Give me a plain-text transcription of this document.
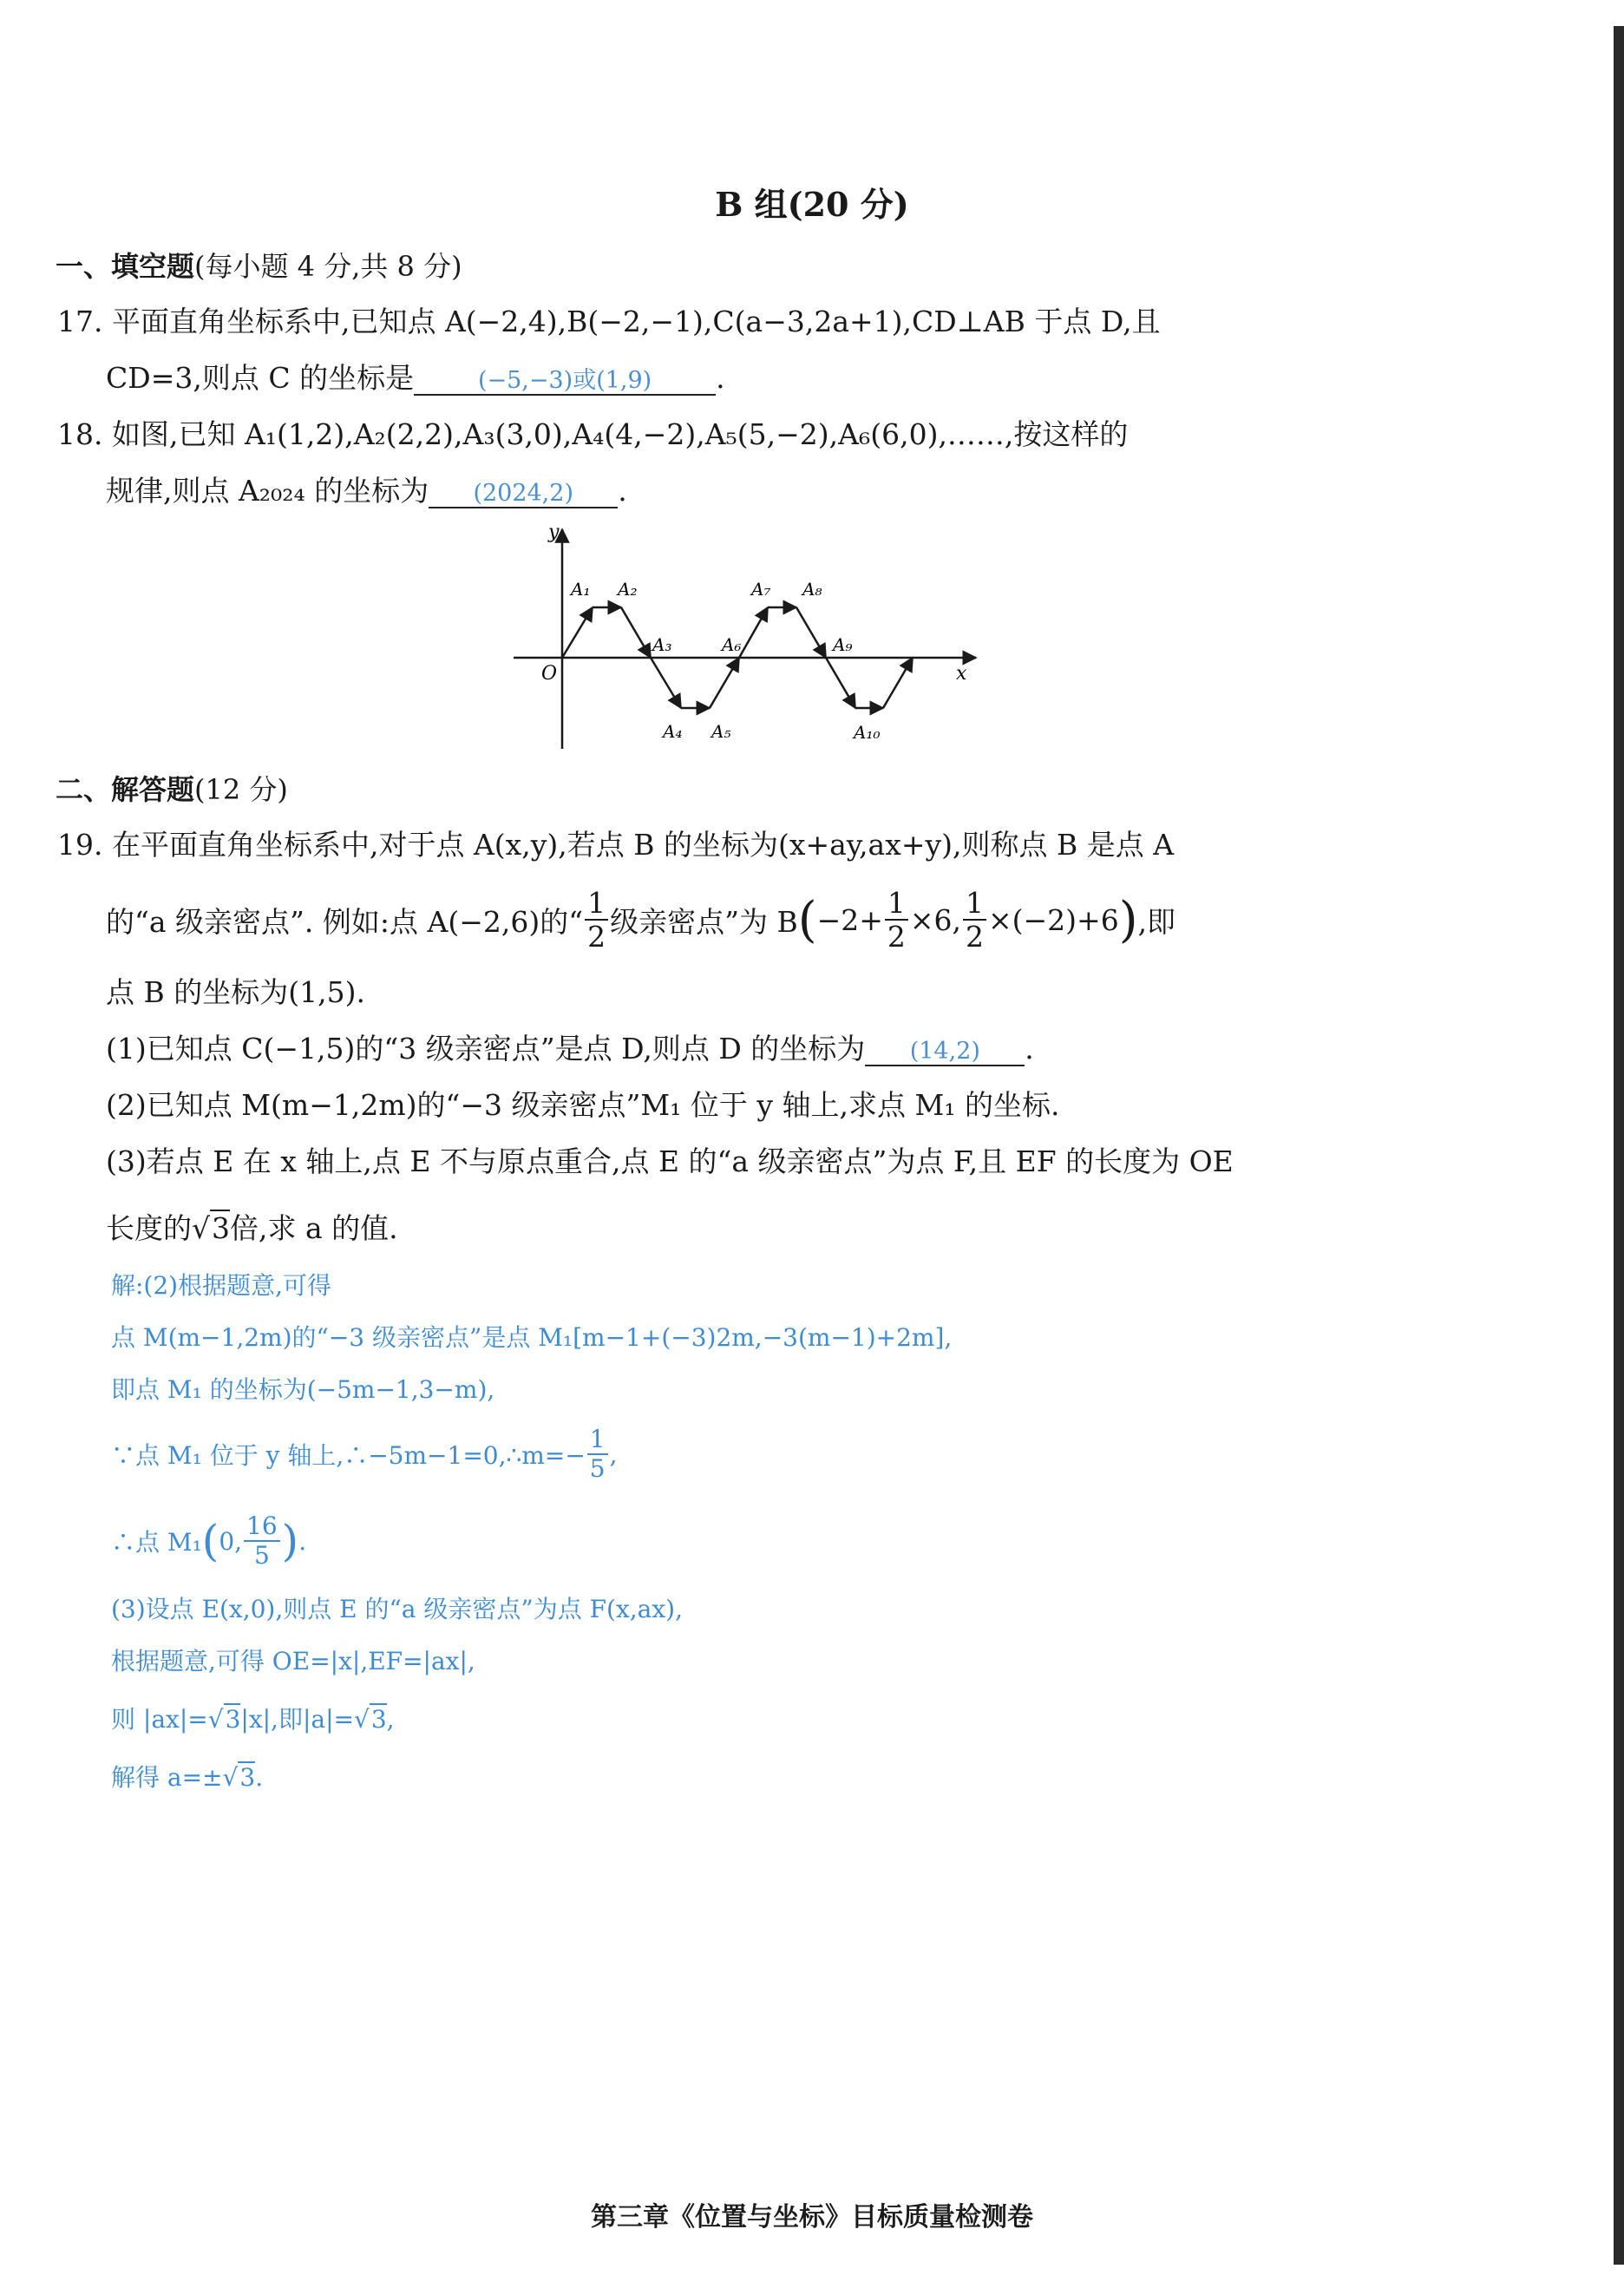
B 组(20 分)
一、填空题(每小题 4 分,共 8 分)
17. 平面直角坐标系中,已知点 A(−2,4),B(−2,−1),C(a−3,2a+1),CD⊥AB 于点 D,且
CD=3,则点 C 的坐标是	(−5,−3)或(1,9) .
18. 如图,已知 A₁(1,2),A₂(2,2),A₃(3,0),A₄(4,−2),A₅(5,−2),A₆(6,0),……,按这样的
规律,则点 A₂₀₂₄ 的坐标为 (2024,2) .
y
x
O
A₁ A₂
A₃
A₄ A₅
A₆
A₇ A₈
A₉
A₁₀
二、解答题(12 分)
19. 在平面直角坐标系中,对于点 A(x,y),若点 B 的坐标为(x+ay,ax+y),则称点 B 是点 A
的“a 级亲密点”. 例如:点 A(−2,6)的“ $\frac{1}{2}$ 级亲密点”为 B ( $-2+ \frac{1}{2} \times 6$, $\frac{1}{2} \times(-2)+6$ ) ,即
点 B 的坐标为(1,5).
(1)已知点 C(−1,5)的“3 级亲密点”是点 D,则点 D 的坐标为 (14,2) .
(2)已知点 M(m−1,2m)的“−3 级亲密点”M₁ 位于 y 轴上,求点 M₁ 的坐标.
(3)若点 E 在 x 轴上,点 E 不与原点重合,点 E 的“a 级亲密点”为点 F,且 EF 的长度为 OE
长度的√3倍,求 a 的值.
解:(2)根据题意,可得
点 M(m−1,2m)的“−3 级亲密点”是点 M₁[m−1+(−3)2m,−3(m−1)+2m],
即点 M₁ 的坐标为(−5m−1,3−m),
∵点 M₁ 位于 y 轴上,∴−5m−1=0,∴m=− $\frac{1}{5}$ ,
∴点 M₁ ( 0, $\frac{16}{5}$ ) .
(3)设点 E(x,0),则点 E 的“a 级亲密点”为点 F(x,ax),
根据题意,可得 OE=|x|,EF=|ax|,
则 |ax|=√3|x|,即|a|=√3,
解得 a=±√3.
第三章《位置与坐标》目标质量检测卷
